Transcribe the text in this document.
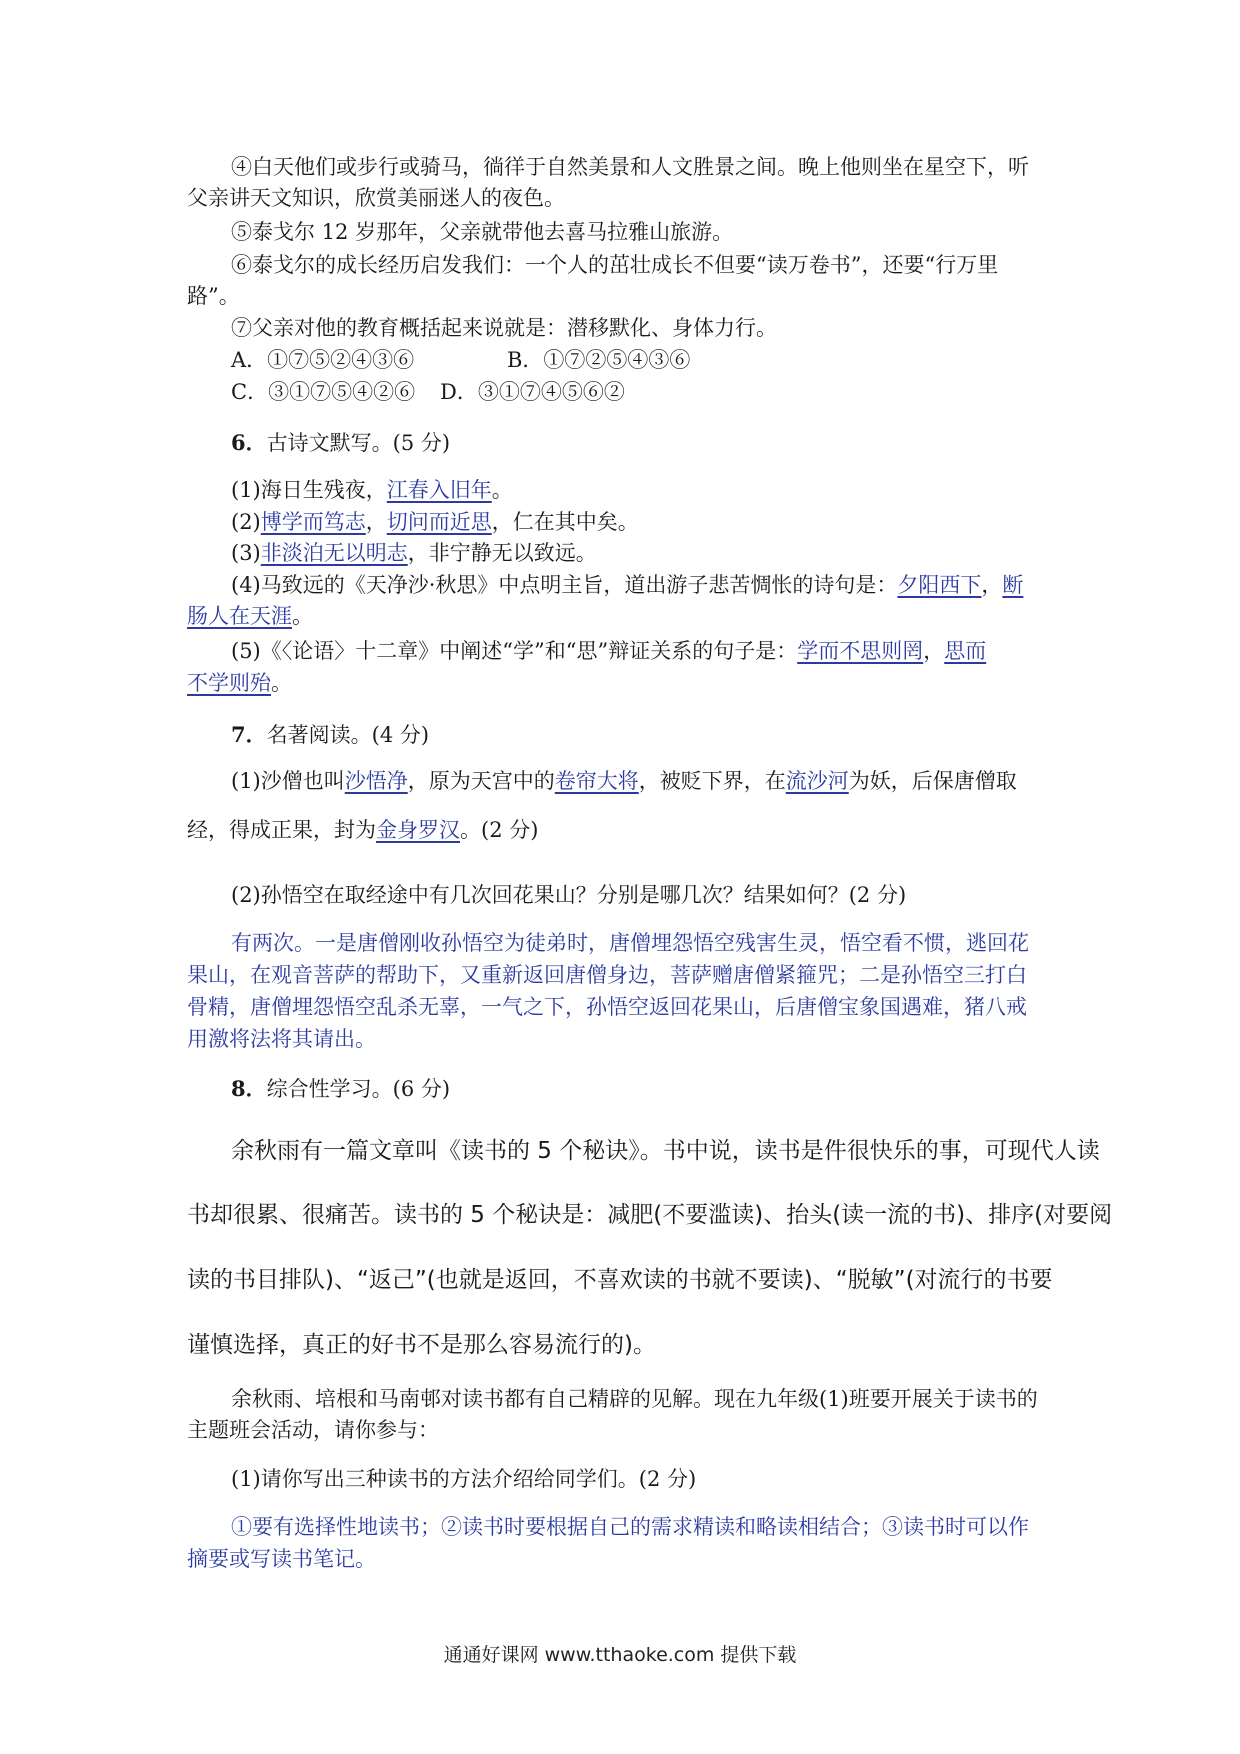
④白天他们或步行或骑马，徜徉于自然美景和人文胜景之间。晚上他则坐在星空下，听
父亲讲天文知识，欣赏美丽迷人的夜色。
⑤泰戈尔 12 岁那年，父亲就带他去喜马拉雅山旅游。
⑥泰戈尔的成长经历启发我们：一个人的茁壮成长不但要“读万卷书”，还要“行万里
路”。
⑦父亲对他的教育概括起来说就是：潜移默化、身体力行。
A．①⑦⑤②④③⑥	B．①⑦②⑤④③⑥
C．③①⑦⑤④②⑥ D．③①⑦④⑤⑥②
6．古诗文默写。(5 分)
(1)海日生残夜，江春入旧年。
(2)博学而笃志，切问而近思，仁在其中矣。
(3)非淡泊无以明志，非宁静无以致远。
(4)马致远的《天净沙·秋思》中点明主旨，道出游子悲苦惆怅的诗句是：夕阳西下，断
肠人在天涯。
(5)《〈论语〉十二章》中阐述“学”和“思”辩证关系的句子是：学而不思则罔，思而
不学则殆。
7．名著阅读。(4 分)
(1)沙僧也叫沙悟净，原为天宫中的卷帘大将，被贬下界，在流沙河为妖，后保唐僧取
经，得成正果，封为金身罗汉。(2 分)
(2)孙悟空在取经途中有几次回花果山？分别是哪几次？结果如何？(2 分)
有两次。一是唐僧刚收孙悟空为徒弟时，唐僧埋怨悟空残害生灵，悟空看不惯，逃回花
果山，在观音菩萨的帮助下，又重新返回唐僧身边，菩萨赠唐僧紧箍咒；二是孙悟空三打白
骨精，唐僧埋怨悟空乱杀无辜，一气之下，孙悟空返回花果山，后唐僧宝象国遇难，猪八戒
用激将法将其请出。
8．综合性学习。(6 分)
余秋雨有一篇文章叫《读书的 5 个秘诀》。书中说，读书是件很快乐的事，可现代人读
书却很累、很痛苦。读书的 5 个秘诀是：减肥(不要滥读)、抬头(读一流的书)、排序(对要阅
读的书目排队)、“返己”(也就是返回，不喜欢读的书就不要读)、“脱敏”(对流行的书要
谨慎选择，真正的好书不是那么容易流行的)。
余秋雨、培根和马南邨对读书都有自己精辟的见解。现在九年级(1)班要开展关于读书的
主题班会活动，请你参与：
(1)请你写出三种读书的方法介绍给同学们。(2 分)
①要有选择性地读书；②读书时要根据自己的需求精读和略读相结合；③读书时可以作
摘要或写读书笔记。
通通好课网 www.tthaoke.com 提供下载
